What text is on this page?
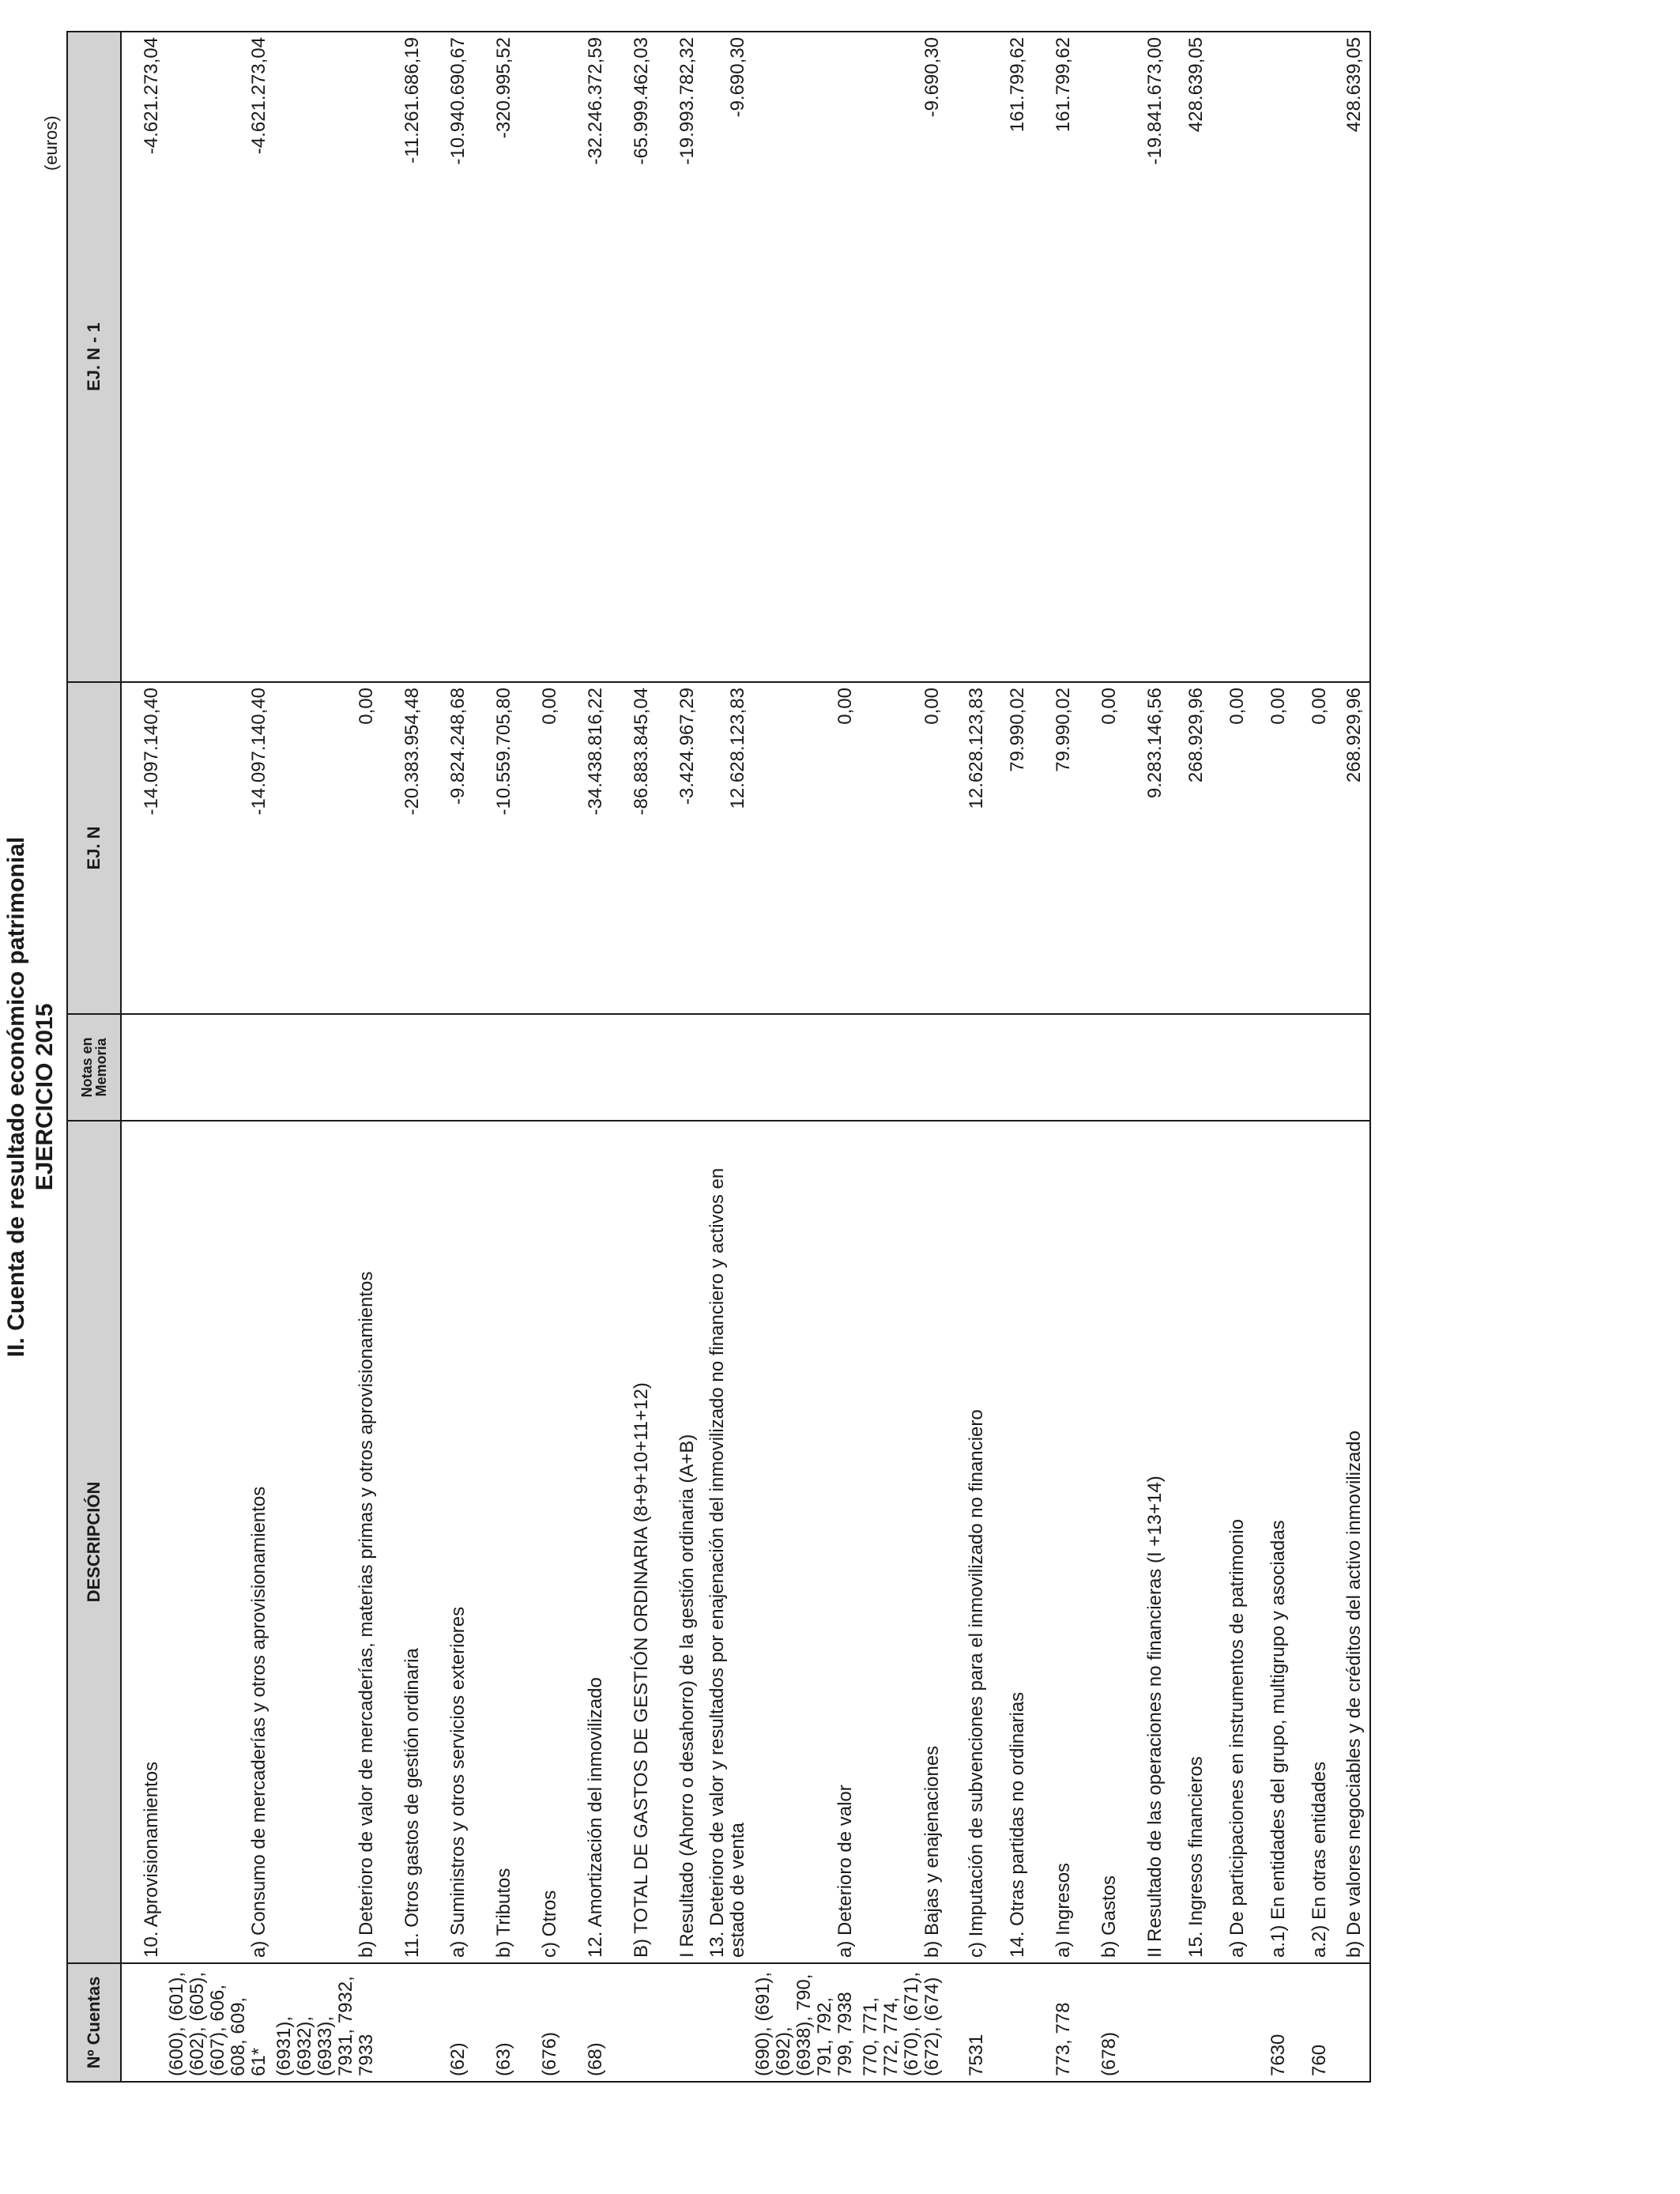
II. Cuenta de resultado económico patrimonial EJERCICIO 2015
(euros)
Nº Cuentas	DESCRIPCIÓN	Notas en Memoria	EJ. N	EJ. N - 1
	10. Aprovisionamientos		-14.097.140,40	-4.621.273,04
(600), (601), (602), (605), (607), 606, 608, 609, 61*	a) Consumo de mercaderías y otros aprovisionamientos		-14.097.140,40	-4.621.273,04
(6931), (6932), (6933), 7931, 7932, 7933	b) Deterioro de valor de mercaderías, materias primas y otros aprovisionamientos		0,00	
	11. Otros gastos de gestión ordinaria		-20.383.954,48	-11.261.686,19
(62)	a) Suministros y otros servicios exteriores		-9.824.248,68	-10.940.690,67
(63)	b) Tributos		-10.559.705,80	-320.995,52
(676)	c) Otros		0,00	
(68)	12. Amortización del inmovilizado		-34.438.816,22	-32.246.372,59
	B) TOTAL DE GASTOS DE GESTIÓN ORDINARIA (8+9+10+11+12)		-86.883.845,04	-65.999.462,03
	I Resultado (Ahorro o desahorro) de la gestión ordinaria (A+B)		-3.424.967,29	-19.993.782,32
	13. Deterioro de valor y resultados por enajenación del inmovilizado no financiero y activos en estado de venta		12.628.123,83	-9.690,30
(690), (691), (692), (6938), 790, 791, 792, 799, 7938	a) Deterioro de valor		0,00	
770, 771, 772, 774, (670), (671), (672), (674)	b) Bajas y enajenaciones		0,00	-9.690,30
7531	c) Imputación de subvenciones para el inmovilizado no financiero		12.628.123,83	
	14. Otras partidas no ordinarias		79.990,02	161.799,62
773, 778	a) Ingresos		79.990,02	161.799,62
(678)	b) Gastos		0,00	
	II Resultado de las operaciones no financieras (I +13+14)		9.283.146,56	-19.841.673,00
	15. Ingresos financieros		268.929,96	428.639,05
	a) De participaciones en instrumentos de patrimonio		0,00	
7630	a.1) En entidades del grupo, multigrupo y asociadas		0,00	
760	a.2) En otras entidades		0,00	
	b) De valores negociables y de créditos del activo inmovilizado		268.929,96	428.639,05
